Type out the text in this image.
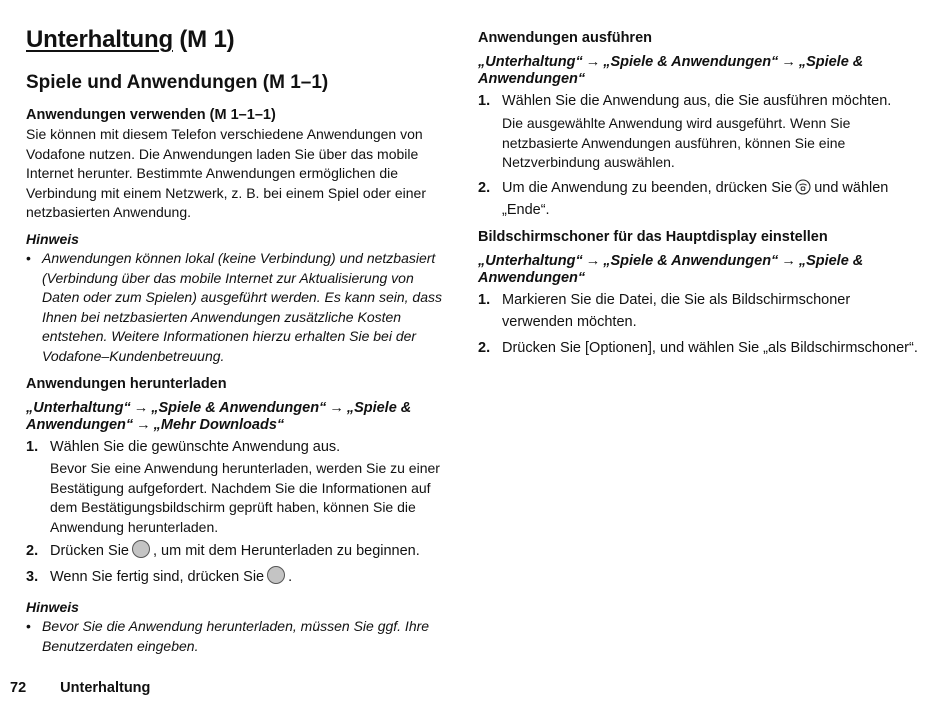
Unterhaltung (M 1)
Spiele und Anwendungen (M 1–1)

Anwendungen verwenden (M 1–1–1)

Sie können mit diesem Telefon verschiedene Anwendungen von Vodafone nutzen. Die Anwendungen laden Sie über das mobile Internet herunter. Bestimmte Anwendungen ermöglichen die Verbindung mit einem Netzwerk, z. B. bei einem Spiel oder einer netzbasierten Anwendung.

Hinweis

• Anwendungen können lokal (keine Verbindung) und netzbasiert (Verbindung über das mobile Internet zur Aktualisierung von Daten oder zum Spielen) ausgeführt werden. Es kann sein, dass Ihnen bei netzbasierten Anwendungen zusätzliche Kosten entstehen. Weitere Informationen hierzu erhalten Sie bei der Vodafone–Kundenbetreuung.

Anwendungen herunterladen

„Unterhaltung“ → „Spiele & Anwendungen“ → „Spiele & Anwendungen“ → „Mehr Downloads“

1. Wählen Sie die gewünschte Anwendung aus.

Bevor Sie eine Anwendung herunterladen, werden Sie zu einer Bestätigung aufgefordert. Nachdem Sie die Informationen auf dem Bestätigungsbildschirm geprüft haben, können Sie die Anwendung herunterladen.

2. Drücken Sie , um mit dem Herunterladen zu beginnen.

3. Wenn Sie fertig sind, drücken Sie .

Hinweis

• Bevor Sie die Anwendung herunterladen, müssen Sie ggf. Ihre Benutzerdaten eingeben.

Anwendungen ausführen

„Unterhaltung“ → „Spiele & Anwendungen“ → „Spiele & Anwendungen“

1. Wählen Sie die Anwendung aus, die Sie ausführen möchten.

Die ausgewählte Anwendung wird ausgeführt. Wenn Sie netzbasierte Anwendungen ausführen, können Sie eine Netzverbindung auswählen.

2. Um die Anwendung zu beenden, drücken Sie und wählen „Ende“.

Bildschirmschoner für das Hauptdisplay einstellen

„Unterhaltung“ → „Spiele & Anwendungen“ → „Spiele & Anwendungen“

1. Markieren Sie die Datei, die Sie als Bildschirmschoner verwenden möchten.

2. Drücken Sie [Optionen], und wählen Sie „als Bildschirmschoner“.

72 Unterhaltung
